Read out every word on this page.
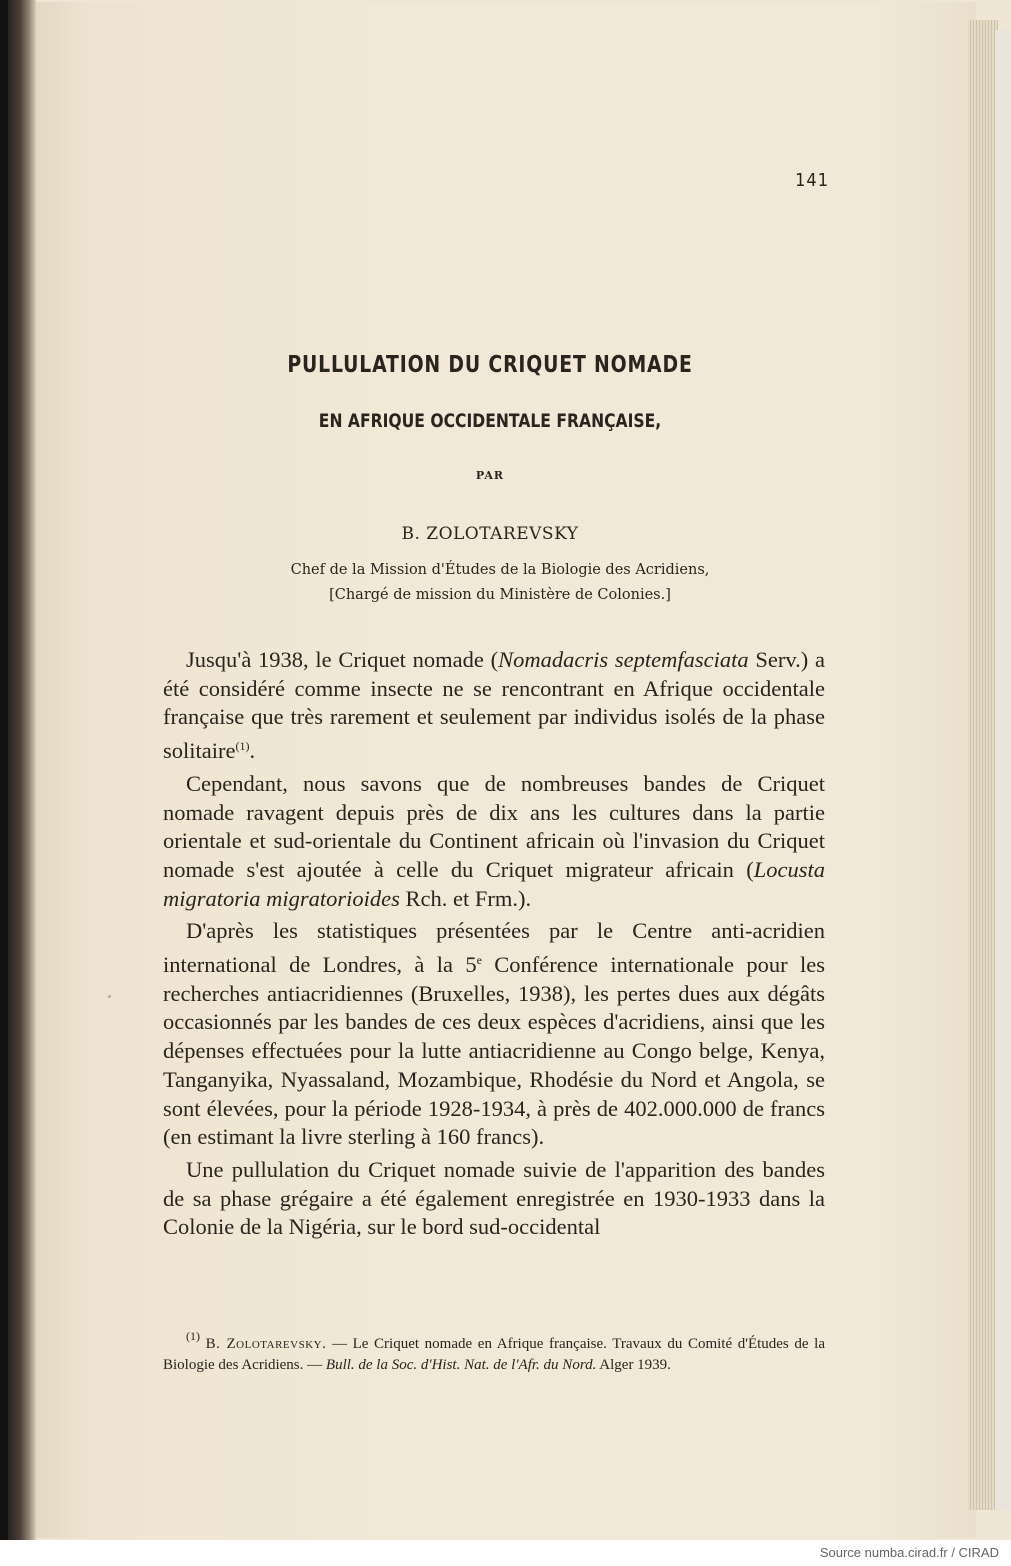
141
PULLULATION DU CRIQUET NOMADE
EN AFRIQUE OCCIDENTALE FRANÇAISE,
PAR
B. ZOLOTAREVSKY
Chef de la Mission d'Études de la Biologie des Acridiens,
[Chargé de mission du Ministère de Colonies.]

Jusqu'à 1938, le Criquet nomade (Nomadacris septemfasciata Serv.) a été considéré comme insecte ne se rencontrant en Afrique occidentale française que très rarement et seulement par individus isolés de la phase solitaire$^{(1)}$.

Cependant, nous savons que de nombreuses bandes de Criquet nomade ravagent depuis près de dix ans les cultures dans la partie orientale et sud-orientale du Continent africain où l'invasion du Criquet nomade s'est ajoutée à celle du Criquet migrateur africain (Locusta migratoria migratorioides Rch. et Frm.).

D'après les statistiques présentées par le Centre anti-acridien international de Londres, à la 5e Conférence internationale pour les recherches antiacridiennes (Bruxelles, 1938), les pertes dues aux dégâts occasionnés par les bandes de ces deux espèces d'acridiens, ainsi que les dépenses effectuées pour la lutte antiacridienne au Congo belge, Kenya, Tanganyika, Nyassaland, Mozambique, Rhodésie du Nord et Angola, se sont élevées, pour la période 1928-1934, à près de 402.000.000 de francs (en estimant la livre sterling à 160 francs).

Une pullulation du Criquet nomade suivie de l'apparition des bandes de sa phase grégaire a été également enregistrée en 1930-1933 dans la Colonie de la Nigéria, sur le bord sud-occidental

$^{(1)}$ B. Zolotarevsky. — Le Criquet nomade en Afrique française. Travaux du Comité d'Études de la Biologie des Acridiens. — Bull. de la Soc. d'Hist. Nat. de l'Afr. du Nord. Alger 1939.

Source numba.cirad.fr / CIRAD
